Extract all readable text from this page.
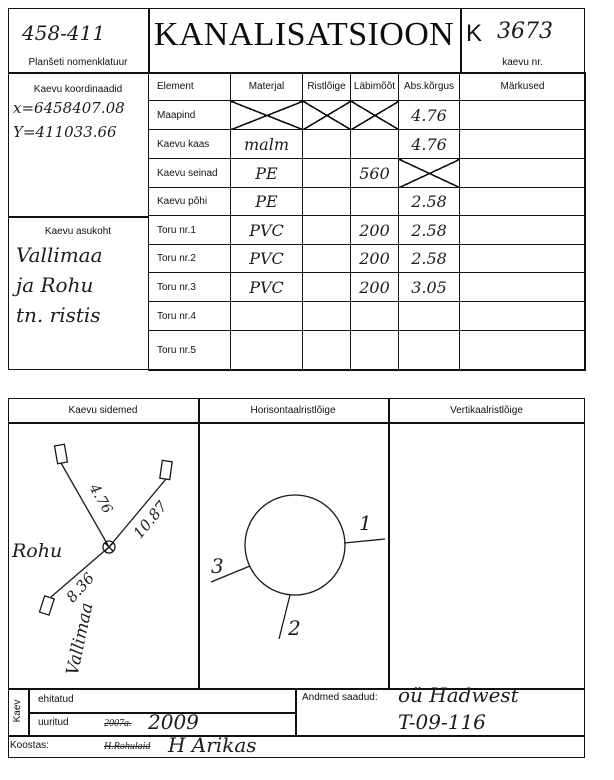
458-411
Planšeti nomenklatuur
KANALISATSIOON K 3673
kaevu nr.
Kaevu koordinaadid
x=6458407.08
Y=411033.66
Kaevu asukoht
Vallimaa
ja Rohu
tn. ristis
Element	Materjal	Ristlõige	Läbimõõt	Abs.kõrgus	Märkused
Maapind				4.76	
Kaevu kaas	malm			4.76	
Kaevu seinad	PE		560		
Kaevu põhi	PE			2.58	
Toru nr.1	PVC		200	2.58	
Toru nr.2	PVC		200	2.58	
Toru nr.3	PVC		200	3.05	
Toru nr.4					
Toru nr.5					
Kaevu sidemed	Horisontaalristlõige	Vertikaalristlõige
Rohu
Vallimaa
4.76 10.87
8.36
1
3
2
Kaev
ehitatud
uuritud	2007a. 2009
Andmed saadud: oü Hadwest
T-09-116
Koostas:	H.Rohulaid H Arikas
